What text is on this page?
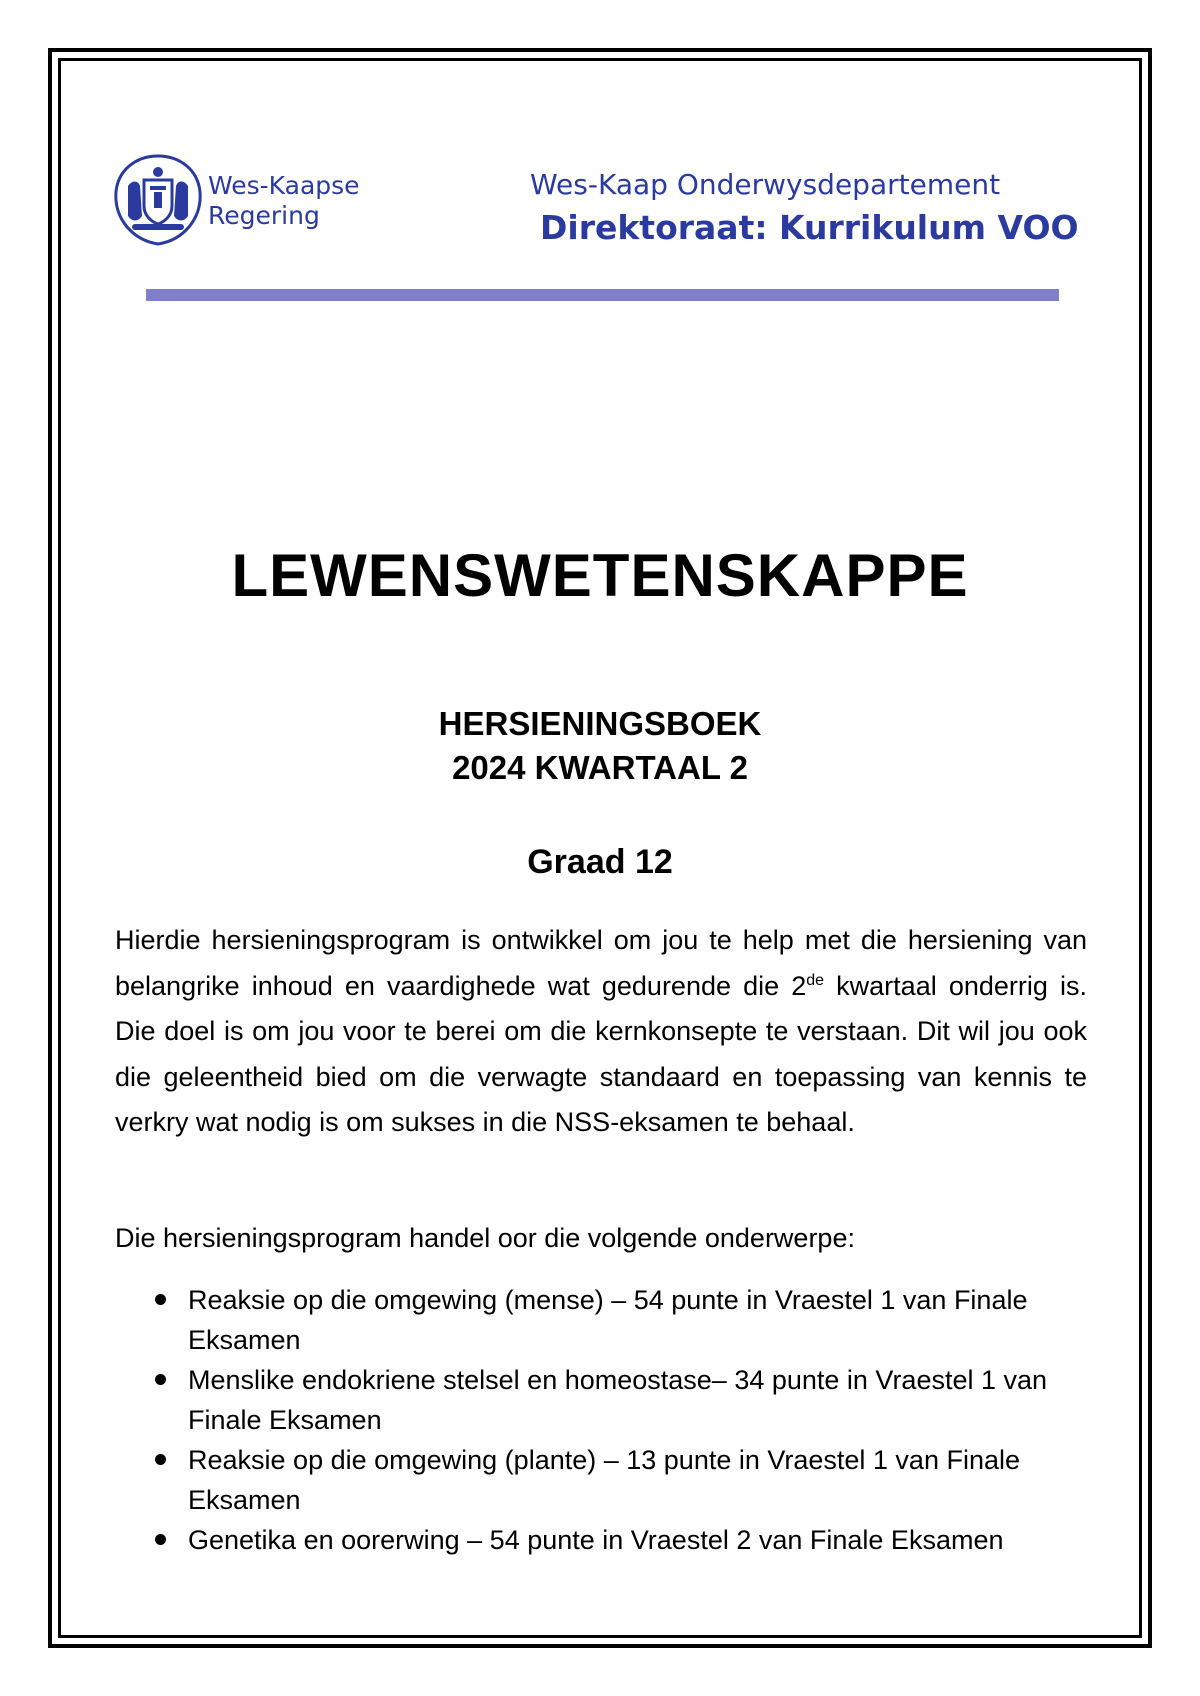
Wes-Kaapse
Regering
Wes-Kaap Onderwysdepartement
Direktoraat: Kurrikulum VOO
LEWENSWETENSKAPPE
HERSIENINGSBOEK
2024 KWARTAAL 2
Graad 12

Hierdie hersieningsprogram is ontwikkel om jou te help met die hersiening van belangrike inhoud en vaardighede wat gedurende die 2de kwartaal onderrig is. Die doel is om jou voor te berei om die kernkonsepte te verstaan. Dit wil jou ook die geleentheid bied om die verwagte standaard en toepassing van kennis te verkry wat nodig is om sukses in die NSS-eksamen te behaal.

Die hersieningsprogram handel oor die volgende onderwerpe:

Reaksie op die omgewing (mense) – 54 punte in Vraestel 1 van Finale Eksamen
Menslike endokriene stelsel en homeostase– 34 punte in Vraestel 1 van Finale Eksamen
Reaksie op die omgewing (plante) – 13 punte in Vraestel 1 van Finale Eksamen
Genetika en oorerwing – 54 punte in Vraestel 2 van Finale Eksamen
